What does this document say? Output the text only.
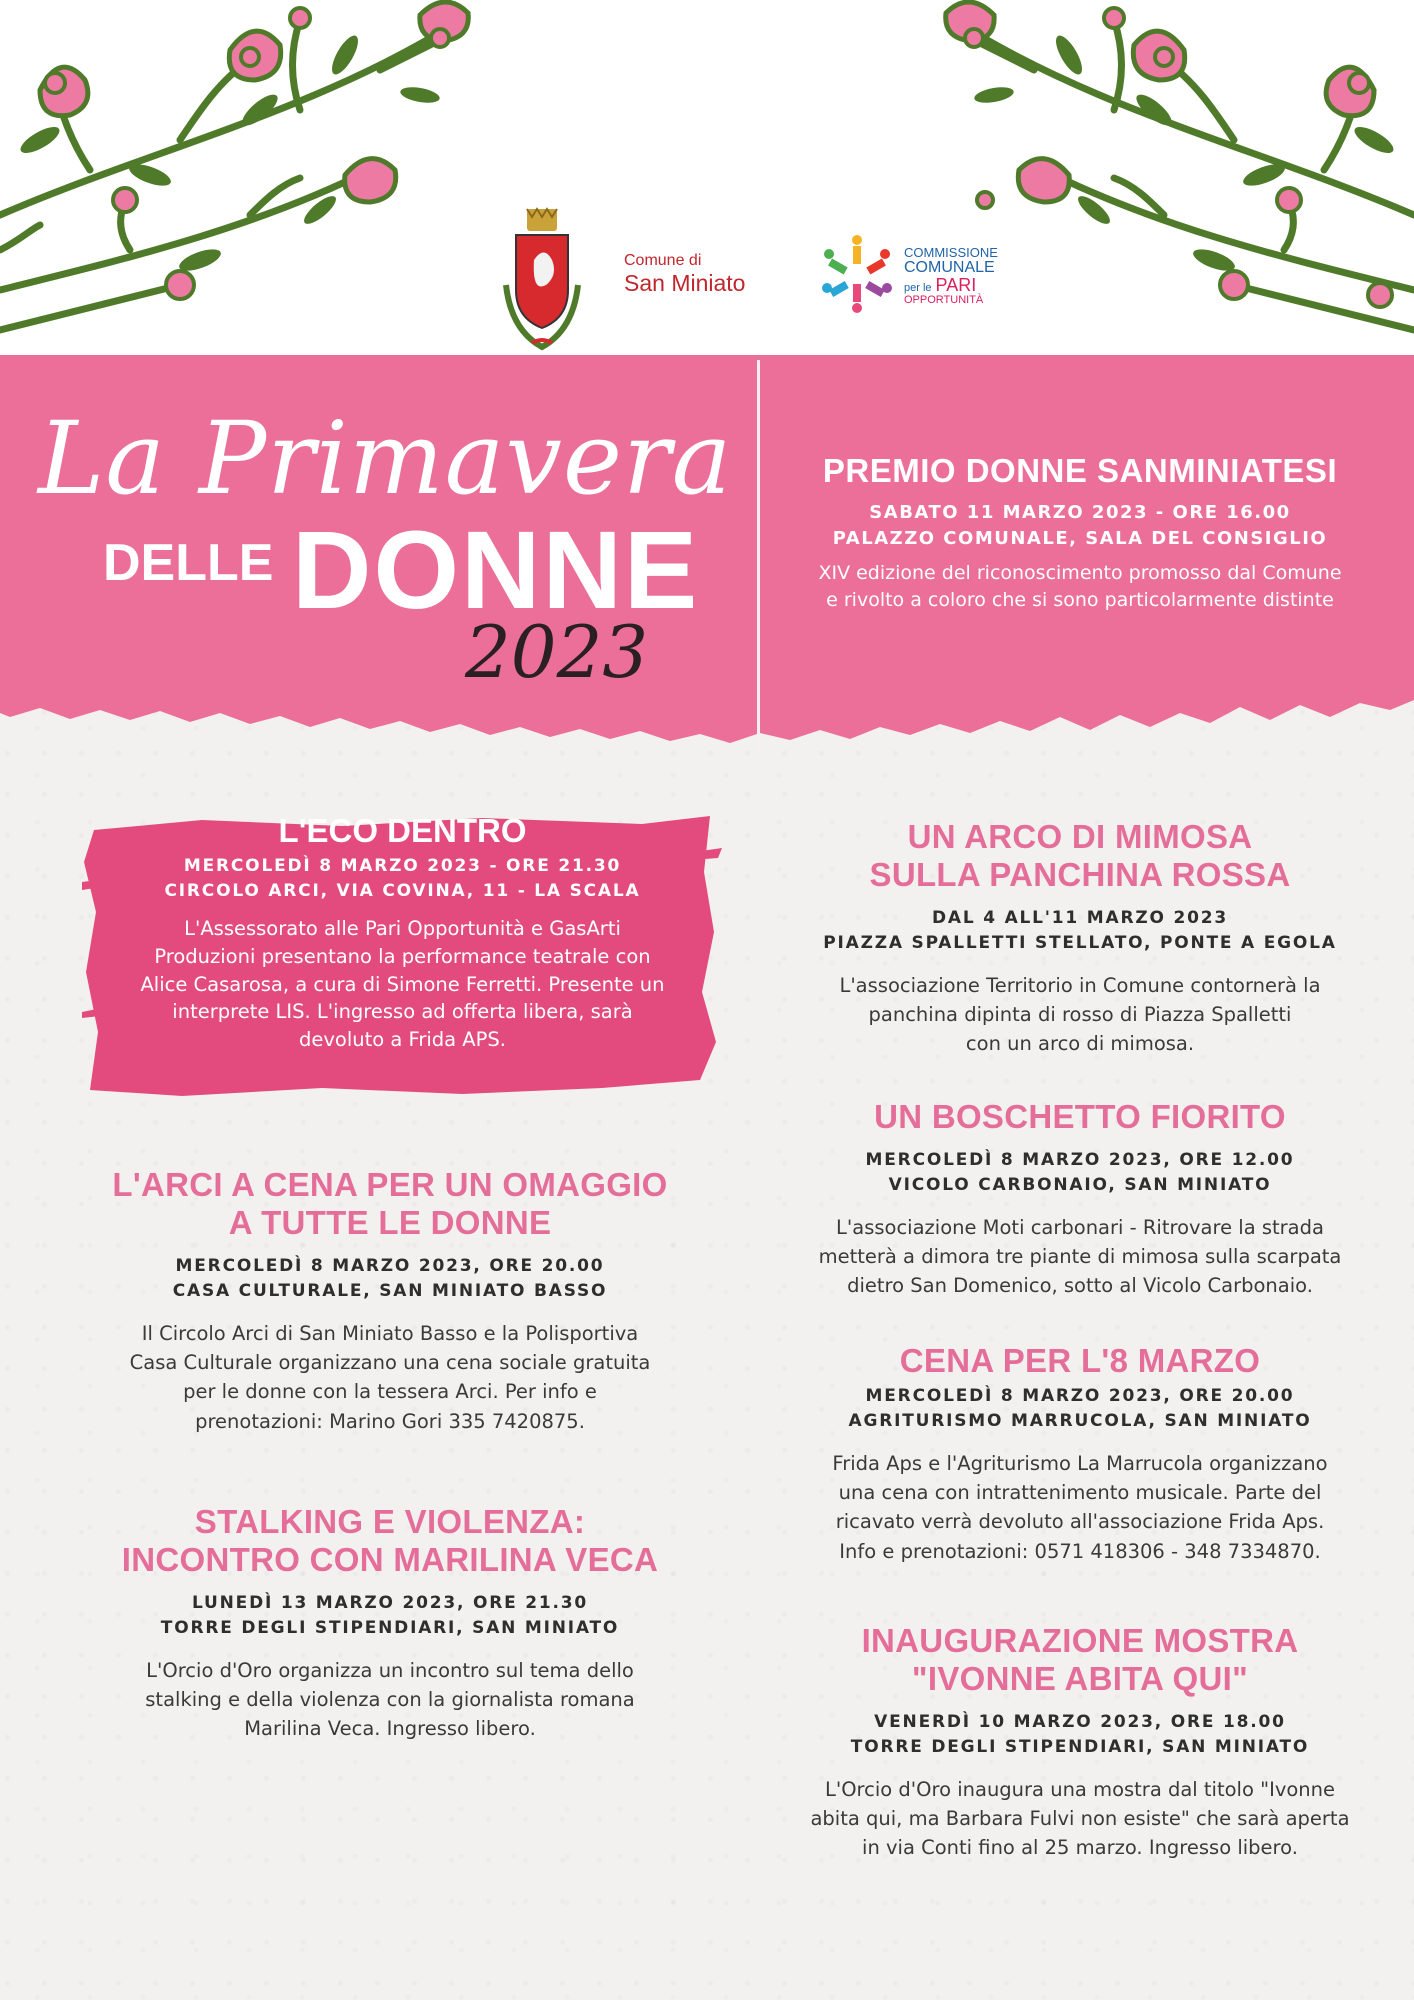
Comune di
San Miniato
COMMISSIONE
COMUNALE
per le PARI
OPPORTUNITÀ
La Primavera
DELLE DONNE
2023
PREMIO DONNE SANMINIATESI
SABATO 11 MARZO 2023 - ORE 16.00
PALAZZO COMUNALE, SALA DEL CONSIGLIO
XIV edizione del riconoscimento promosso dal Comune
e rivolto a coloro che si sono particolarmente distinte
L'ECO DENTRO
MERCOLEDÌ 8 MARZO 2023 - ORE 21.30
CIRCOLO ARCI, VIA COVINA, 11 - LA SCALA
L'Assessorato alle Pari Opportunità e GasArti
Produzioni presentano la performance teatrale con
Alice Casarosa, a cura di Simone Ferretti. Presente un
interprete LIS. L'ingresso ad offerta libera, sarà
devoluto a Frida APS.
L'ARCI A CENA PER UN OMAGGIO
A TUTTE LE DONNE
MERCOLEDÌ 8 MARZO 2023, ORE 20.00
CASA CULTURALE, SAN MINIATO BASSO
Il Circolo Arci di San Miniato Basso e la Polisportiva
Casa Culturale organizzano una cena sociale gratuita
per le donne con la tessera Arci. Per info e
prenotazioni: Marino Gori 335 7420875.
STALKING E VIOLENZA:
INCONTRO CON MARILINA VECA
LUNEDÌ 13 MARZO 2023, ORE 21.30
TORRE DEGLI STIPENDIARI, SAN MINIATO
L'Orcio d'Oro organizza un incontro sul tema dello
stalking e della violenza con la giornalista romana
Marilina Veca. Ingresso libero.
UN ARCO DI MIMOSA
SULLA PANCHINA ROSSA
DAL 4 ALL'11 MARZO 2023
PIAZZA SPALLETTI STELLATO, PONTE A EGOLA
L'associazione Territorio in Comune contornerà la
panchina dipinta di rosso di Piazza Spalletti
con un arco di mimosa.
UN BOSCHETTO FIORITO
MERCOLEDÌ 8 MARZO 2023, ORE 12.00
VICOLO CARBONAIO, SAN MINIATO
L'associazione Moti carbonari - Ritrovare la strada
metterà a dimora tre piante di mimosa sulla scarpata
dietro San Domenico, sotto al Vicolo Carbonaio.
CENA PER L'8 MARZO
MERCOLEDÌ 8 MARZO 2023, ORE 20.00
AGRITURISMO MARRUCOLA, SAN MINIATO
Frida Aps e l'Agriturismo La Marrucola organizzano
una cena con intrattenimento musicale. Parte del
ricavato verrà devoluto all'associazione Frida Aps.
Info e prenotazioni: 0571 418306 - 348 7334870.
INAUGURAZIONE MOSTRA
"IVONNE ABITA QUI"
VENERDÌ 10 MARZO 2023, ORE 18.00
TORRE DEGLI STIPENDIARI, SAN MINIATO
L'Orcio d'Oro inaugura una mostra dal titolo "Ivonne
abita qui, ma Barbara Fulvi non esiste" che sarà aperta
in via Conti fino al 25 marzo. Ingresso libero.
